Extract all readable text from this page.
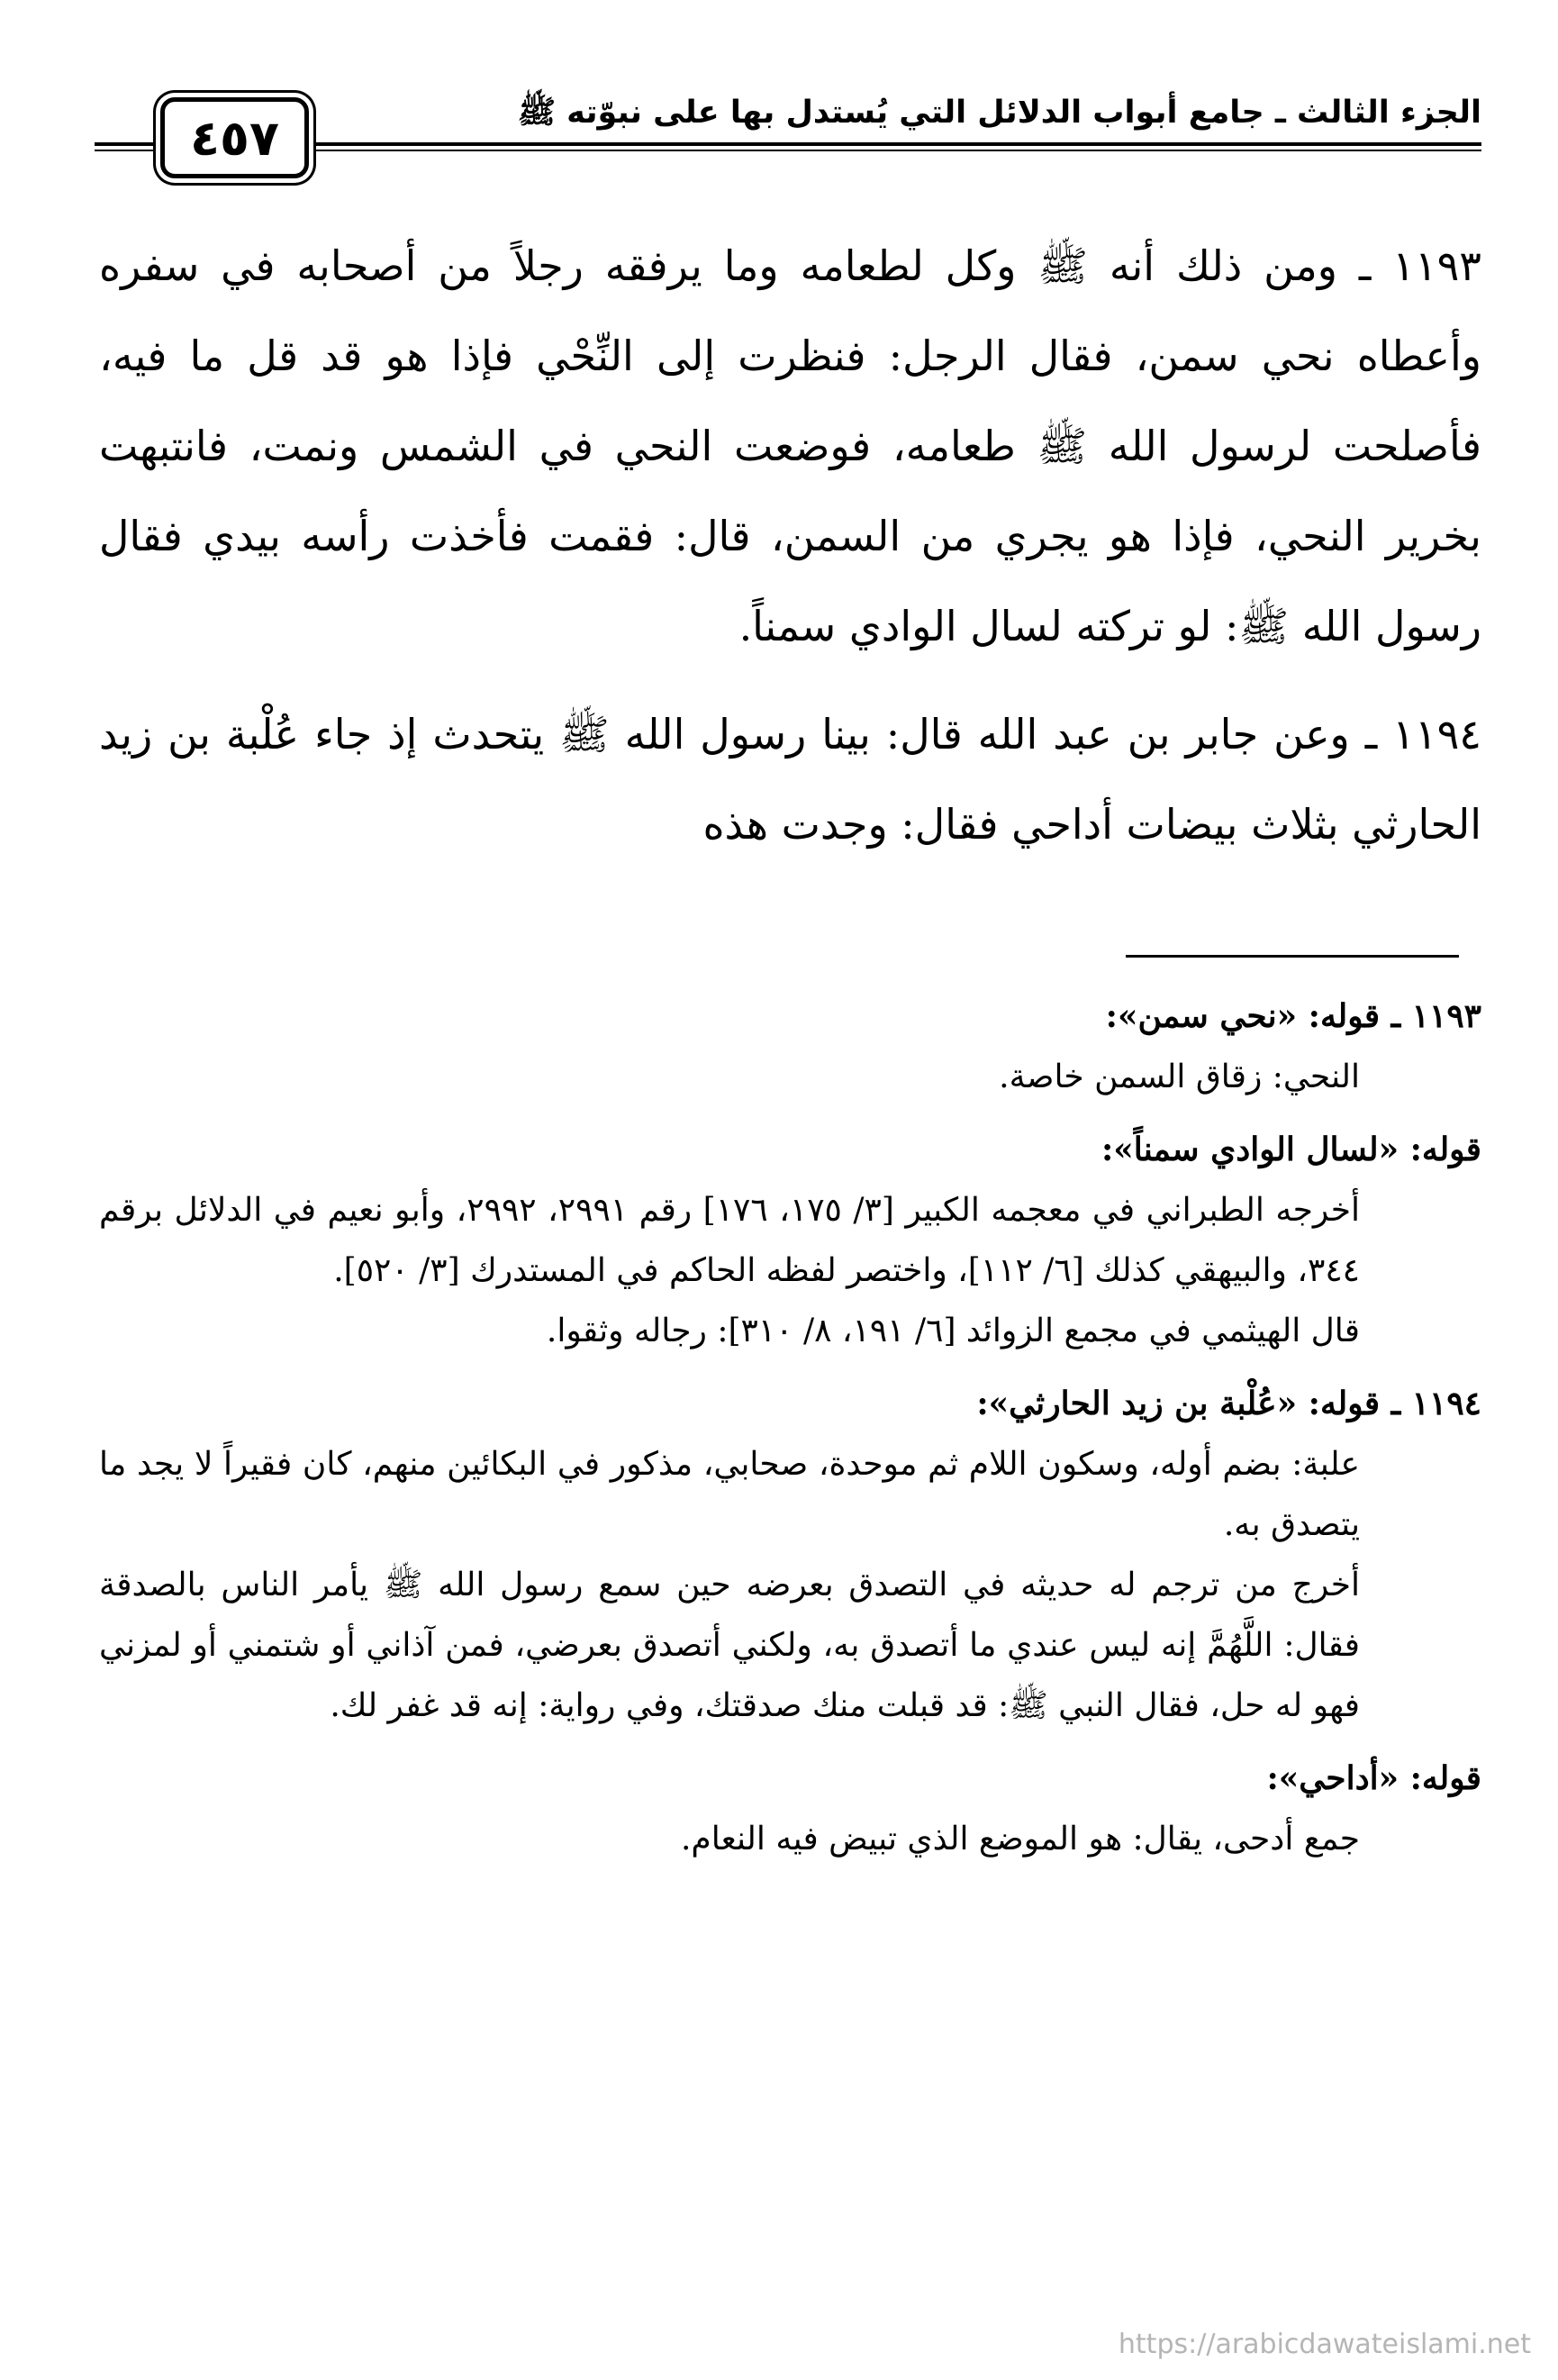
الجزء الثالث ـ جامع أبواب الدلائل التي يُستدل بها على نبوّته ﷺ
٤٥٧

١١٩٣ ـ ومن ذلك أنه ﷺ وكل لطعامه وما يرفقه رجلاً من أصحابه في سفره وأعطاه نحي سمن، فقال الرجل: فنظرت إلى النِّحْي فإذا هو قد قل ما فيه، فأصلحت لرسول الله ﷺ طعامه، فوضعت النحي في الشمس ونمت، فانتبهت بخرير النحي، فإذا هو يجري من السمن، قال: فقمت فأخذت رأسه بيدي فقال رسول الله ﷺ: لو تركته لسال الوادي سمناً.

١١٩٤ ـ وعن جابر بن عبد الله قال: بينا رسول الله ﷺ يتحدث إذ جاء عُلْبة بن زيد الحارثي بثلاث بيضات أداحي فقال: وجدت هذه

١١٩٣ ـ قوله: «نحي سمن»:

النحي: زقاق السمن خاصة.

قوله: «لسال الوادي سمناً»:

أخرجه الطبراني في معجمه الكبير [٣/ ١٧٥، ١٧٦] رقم ٢٩٩١، ٢٩٩٢، وأبو نعيم في الدلائل برقم ٣٤٤، والبيهقي كذلك [٦/ ١١٢]، واختصر لفظه الحاكم في المستدرك [٣/ ٥٢٠].

قال الهيثمي في مجمع الزوائد [٦/ ١٩١، ٨/ ٣١٠]: رجاله وثقوا.

١١٩٤ ـ قوله: «عُلْبة بن زيد الحارثي»:

علبة: بضم أوله، وسكون اللام ثم موحدة، صحابي، مذكور في البكائين منهم، كان فقيراً لا يجد ما يتصدق به.

أخرج من ترجم له حديثه في التصدق بعرضه حين سمع رسول الله ﷺ يأمر الناس بالصدقة فقال: اللَّهُمَّ إنه ليس عندي ما أتصدق به، ولكني أتصدق بعرضي، فمن آذاني أو شتمني أو لمزني فهو له حل، فقال النبي ﷺ: قد قبلت منك صدقتك، وفي رواية: إنه قد غفر لك.

قوله: «أداحي»:

جمع أدحى، يقال: هو الموضع الذي تبيض فيه النعام.

https://arabicdawateislami.net
